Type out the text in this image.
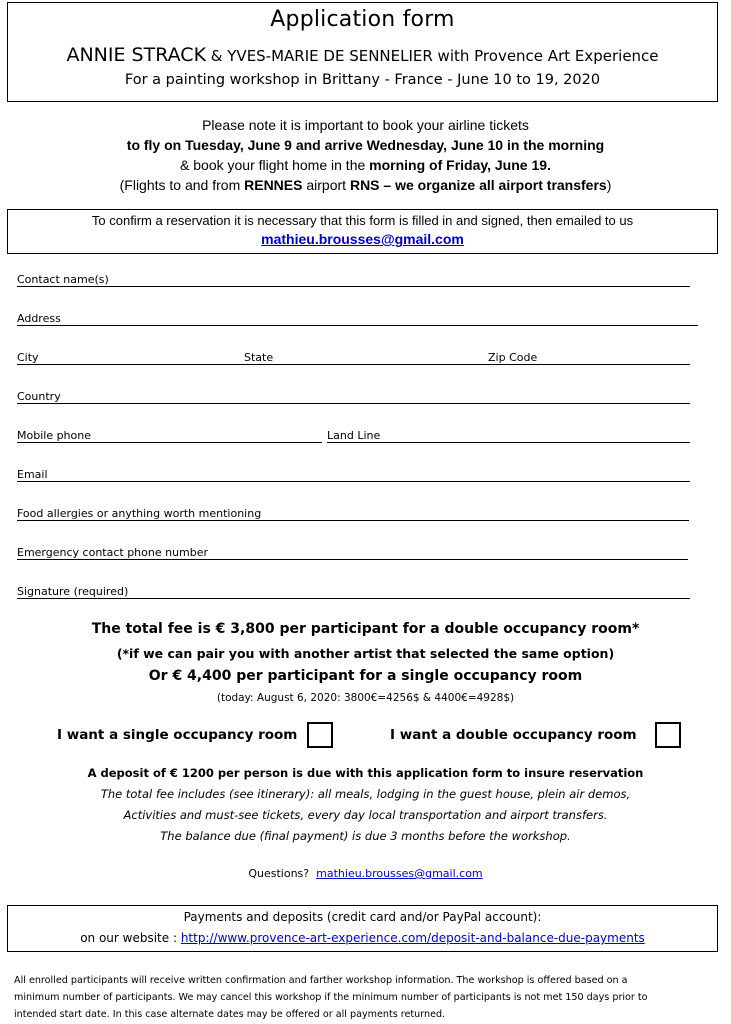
Application form
ANNIE STRACK & YVES-MARIE DE SENNELIER with Provence Art Experience
For a painting workshop in Brittany - France - June 10 to 19, 2020
Please note it is important to book your airline tickets
to fly on Tuesday, June 9 and arrive Wednesday, June 10 in the morning
& book your flight home in the morning of Friday, June 19.
(Flights to and from RENNES airport RNS – we organize all airport transfers)
To confirm a reservation it is necessary that this form is filled in and signed, then emailed to us
mathieu.brousses@gmail.com
Contact name(s)
Address
City	State	Zip Code
Country
Mobile phone	Land Line
Email
Food allergies or anything worth mentioning
Emergency contact phone number
Signature (required)
The total fee is € 3,800 per participant for a double occupancy room*
(*if we can pair you with another artist that selected the same option)
Or € 4,400 per participant for a single occupancy room
(today: August 6, 2020: 3800€=4256$ & 4400€=4928$)
I want a single occupancy room	I want a double occupancy room
A deposit of € 1200 per person is due with this application form to insure reservation
The total fee includes (see itinerary): all meals, lodging in the guest house, plein air demos,
Activities and must-see tickets, every day local transportation and airport transfers.
The balance due (final payment) is due 3 months before the workshop.
Questions? mathieu.brousses@gmail.com
Payments and deposits (credit card and/or PayPal account):
on our website : http://www.provence-art-experience.com/deposit-and-balance-due-payments
All enrolled participants will receive written confirmation and farther workshop information. The workshop is offered based on a
minimum number of participants. We may cancel this workshop if the minimum number of participants is not met 150 days prior to
intended start date. In this case alternate dates may be offered or all payments returned.
